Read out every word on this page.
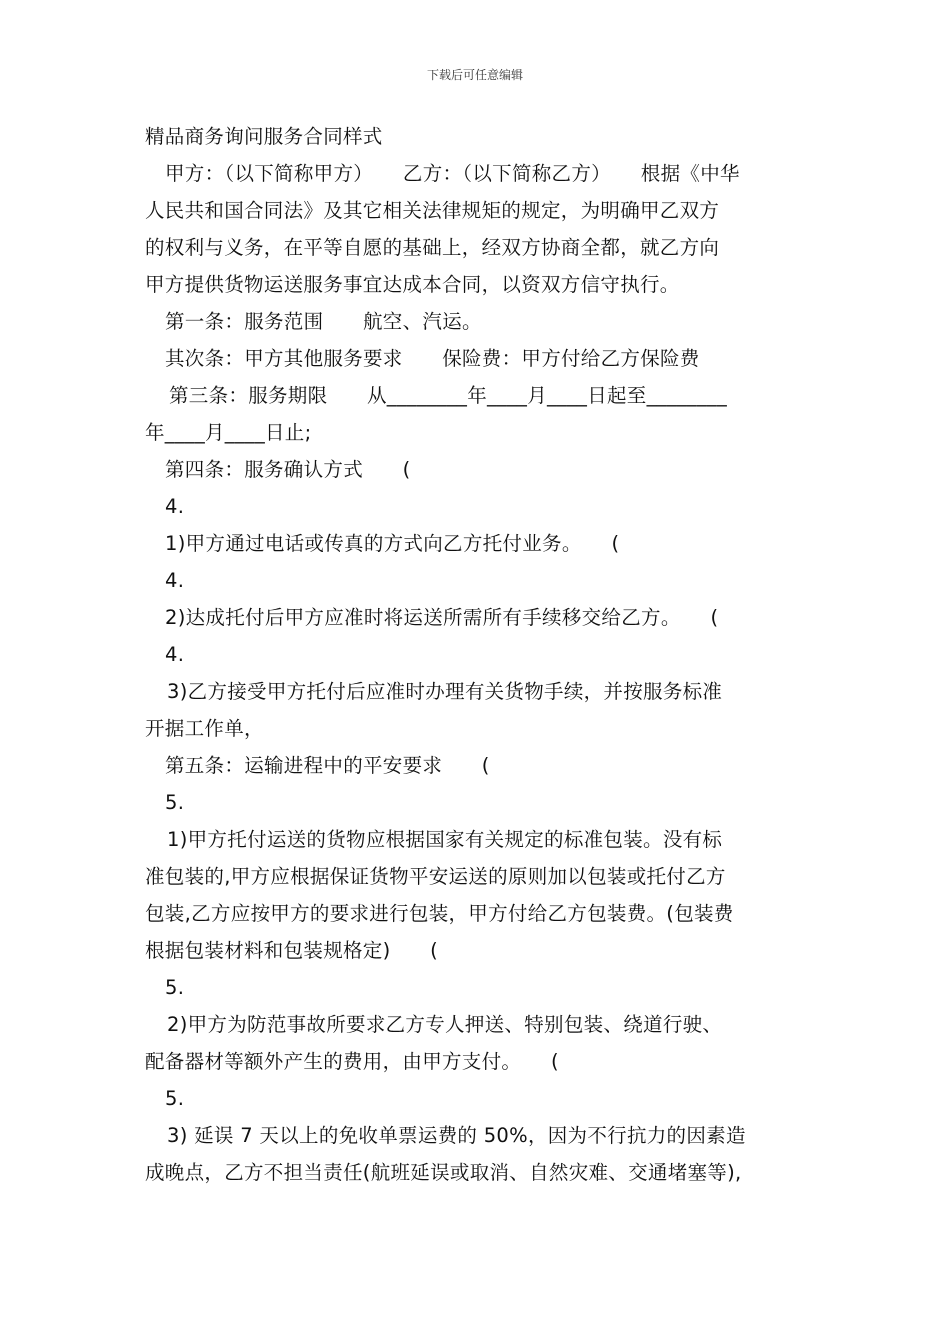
下载后可任意编辑

精品商务询问服务合同样式

甲方：（以下简称甲方）　　乙方：（以下简称乙方）　　根据《中华

人民共和国合同法》及其它相关法律规矩的规定，为明确甲乙双方

的权利与义务，在平等自愿的基础上，经双方协商全都，就乙方向

甲方提供货物运送服务事宜达成本合同，以资双方信守执行。

第一条：服务范围　　航空、汽运。

其次条：甲方其他服务要求　　保险费：甲方付给乙方保险费

第三条：服务期限　　从________年____月____日起至________

年____月____日止;

第四条：服务确认方式　　(

4.

1)甲方通过电话或传真的方式向乙方托付业务。　　(

4.

2)达成托付后甲方应准时将运送所需所有手续移交给乙方。　　(

4.

3)乙方接受甲方托付后应准时办理有关货物手续，并按服务标准

开据工作单，

第五条：运输进程中的平安要求　　(

5.

1)甲方托付运送的货物应根据国家有关规定的标准包装。没有标

准包装的,甲方应根据保证货物平安运送的原则加以包装或托付乙方

包装,乙方应按甲方的要求进行包装，甲方付给乙方包装费。(包装费

根据包装材料和包装规格定)　　(

5.

2)甲方为防范事故所要求乙方专人押送、特别包装、绕道行驶、

配备器材等额外产生的费用，由甲方支付。　　(

5.

3) 延误 7 天以上的免收单票运费的 50%，因为不行抗力的因素造

成晚点，乙方不担当责任(航班延误或取消、自然灾难、交通堵塞等),
